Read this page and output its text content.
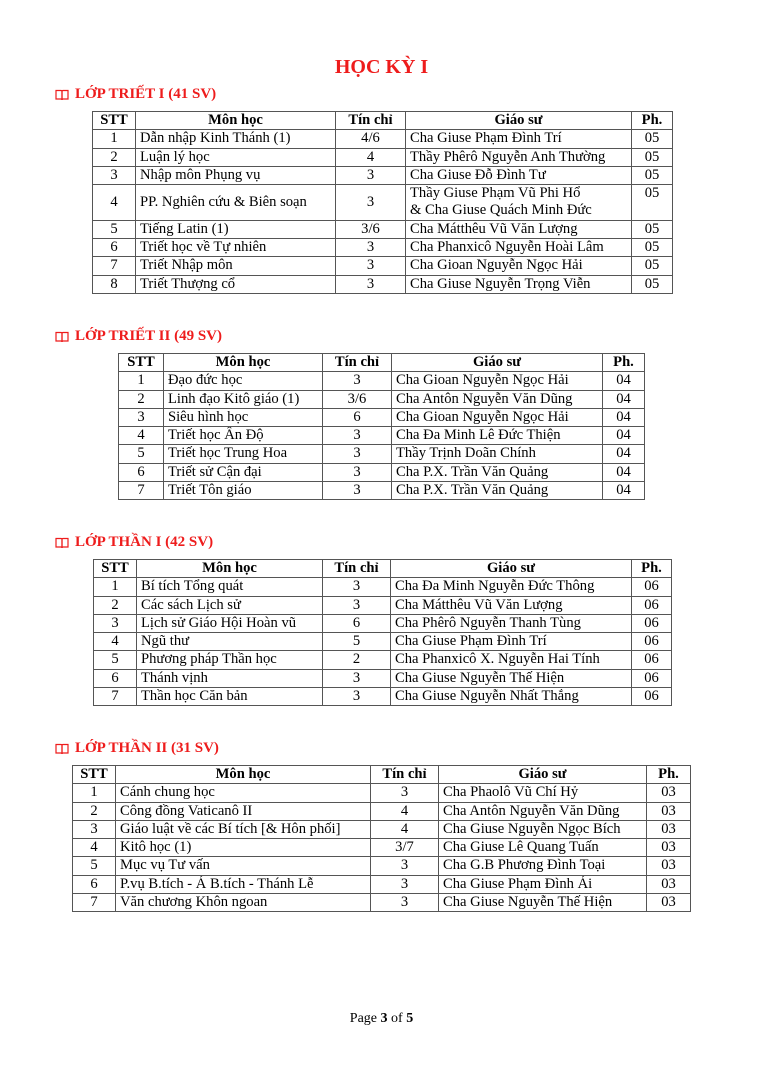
HỌC KỲ I
LỚP TRIẾT I (41 SV)
STT	Môn học	Tín chỉ	Giáo sư	Ph.
1	Dẫn nhập Kinh Thánh (1)	4/6	Cha Giuse Phạm Đình Trí	05
2	Luận lý học	4	Thầy Phêrô Nguyễn Anh Thường	05
3	Nhập môn Phụng vụ	3	Cha Giuse Đỗ Đình Tư	05
4	PP. Nghiên cứu & Biên soạn	3	Thầy Giuse Phạm Vũ Phi Hổ
& Cha Giuse Quách Minh Đức	05
5	Tiếng Latin (1)	3/6	Cha Mátthêu Vũ Văn Lượng	05
6	Triết học về Tự nhiên	3	Cha Phanxicô Nguyễn Hoài Lâm	05
7	Triết Nhập môn	3	Cha Gioan Nguyễn Ngọc Hải	05
8	Triết Thượng cổ	3	Cha Giuse Nguyễn Trọng Viễn	05
LỚP TRIẾT II (49 SV)
STT	Môn học	Tín chỉ	Giáo sư	Ph.
1	Đạo đức học	3	Cha Gioan Nguyễn Ngọc Hải	04
2	Linh đạo Kitô giáo (1)	3/6	Cha Antôn Nguyễn Văn Dũng	04
3	Siêu hình học	6	Cha Gioan Nguyễn Ngọc Hải	04
4	Triết học Ấn Độ	3	Cha Đa Minh Lê Đức Thiện	04
5	Triết học Trung Hoa	3	Thầy Trịnh Doãn Chính	04
6	Triết sử Cận đại	3	Cha P.X. Trần Văn Quảng	04
7	Triết Tôn giáo	3	Cha P.X. Trần Văn Quảng	04
LỚP THẦN I (42 SV)
STT	Môn học	Tín chỉ	Giáo sư	Ph.
1	Bí tích Tổng quát	3	Cha Đa Minh Nguyễn Đức Thông	06
2	Các sách Lịch sử	3	Cha Mátthêu Vũ Văn Lượng	06
3	Lịch sử Giáo Hội Hoàn vũ	6	Cha Phêrô Nguyễn Thanh Tùng	06
4	Ngũ thư	5	Cha Giuse Phạm Đình Trí	06
5	Phương pháp Thần học	2	Cha Phanxicô X. Nguyễn Hai Tính	06
6	Thánh vịnh	3	Cha Giuse Nguyễn Thế Hiện	06
7	Thần học Căn bản	3	Cha Giuse Nguyễn Nhất Thắng	06
LỚP THẦN II (31 SV)
STT	Môn học	Tín chỉ	Giáo sư	Ph.
1	Cánh chung học	3	Cha Phaolô Vũ Chí Hỷ	03
2	Công đồng Vaticanô II	4	Cha Antôn Nguyễn Văn Dũng	03
3	Giáo luật về các Bí tích [& Hôn phối]	4	Cha Giuse Nguyễn Ngọc Bích	03
4	Kitô học (1)	3/7	Cha Giuse Lê Quang Tuấn	03
5	Mục vụ Tư vấn	3	Cha G.B Phương Đình Toại	03
6	P.vụ B.tích - Á B.tích - Thánh Lễ	3	Cha Giuse Phạm Đình Ái	03
7	Văn chương Khôn ngoan	3	Cha Giuse Nguyễn Thế Hiện	03
Page 3 of 5
